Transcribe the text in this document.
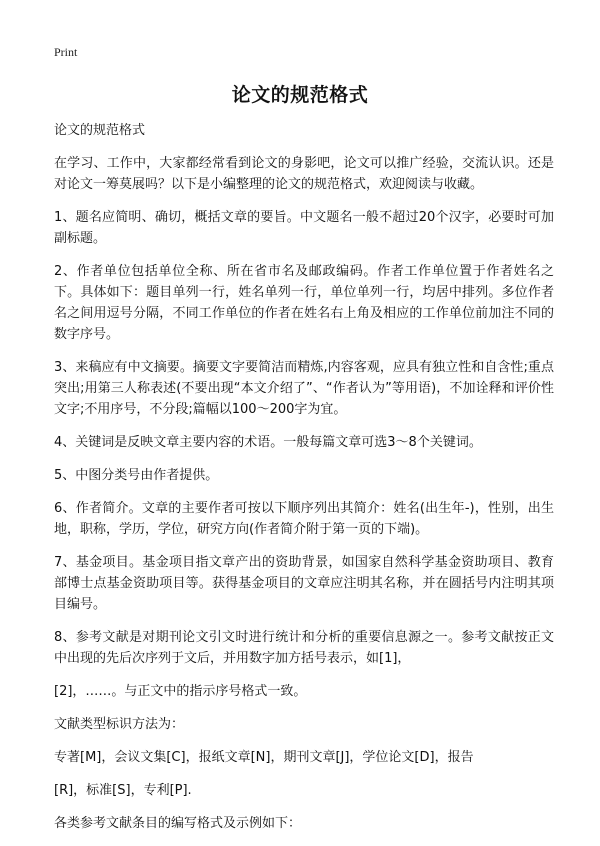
Print
论文的规范格式

论文的规范格式

在学习、工作中，大家都经常看到论文的身影吧，论文可以推广经验，交流认识。还是对论文一筹莫展吗？以下是小编整理的论文的规范格式，欢迎阅读与收藏。

1、题名应简明、确切，概括文章的要旨。中文题名一般不超过20个汉字，必要时可加副标题。

2、作者单位包括单位全称、所在省市名及邮政编码。作者工作单位置于作者姓名之下。具体如下：题目单列一行，姓名单列一行，单位单列一行，均居中排列。多位作者名之间用逗号分隔，不同工作单位的作者在姓名右上角及相应的工作单位前加注不同的数字序号。

3、来稿应有中文摘要。摘要文字要简洁而精炼,内容客观，应具有独立性和自含性;重点突出;用第三人称表述(不要出现“本文介绍了”、“作者认为”等用语)，不加诠释和评价性文字;不用序号，不分段;篇幅以100～200字为宜。

4、关键词是反映文章主要内容的术语。一般每篇文章可选3～8个关键词。

5、中图分类号由作者提供。

6、作者简介。文章的主要作者可按以下顺序列出其简介：姓名(出生年-)，性别，出生地，职称，学历，学位，研究方向(作者简介附于第一页的下端)。

7、基金项目。基金项目指文章产出的资助背景，如国家自然科学基金资助项目、教育部博士点基金资助项目等。获得基金项目的文章应注明其名称，并在圆括号内注明其项目编号。

8、参考文献是对期刊论文引文时进行统计和分析的重要信息源之一。参考文献按正文中出现的先后次序列于文后，并用数字加方括号表示，如[1]，

[2]，……。与正文中的指示序号格式一致。

文献类型标识方法为：

专著[M]，会议文集[C]，报纸文章[N]，期刊文章[J]，学位论文[D]，报告

[R]，标准[S]，专利[P].

各类参考文献条目的编写格式及示例如下：
